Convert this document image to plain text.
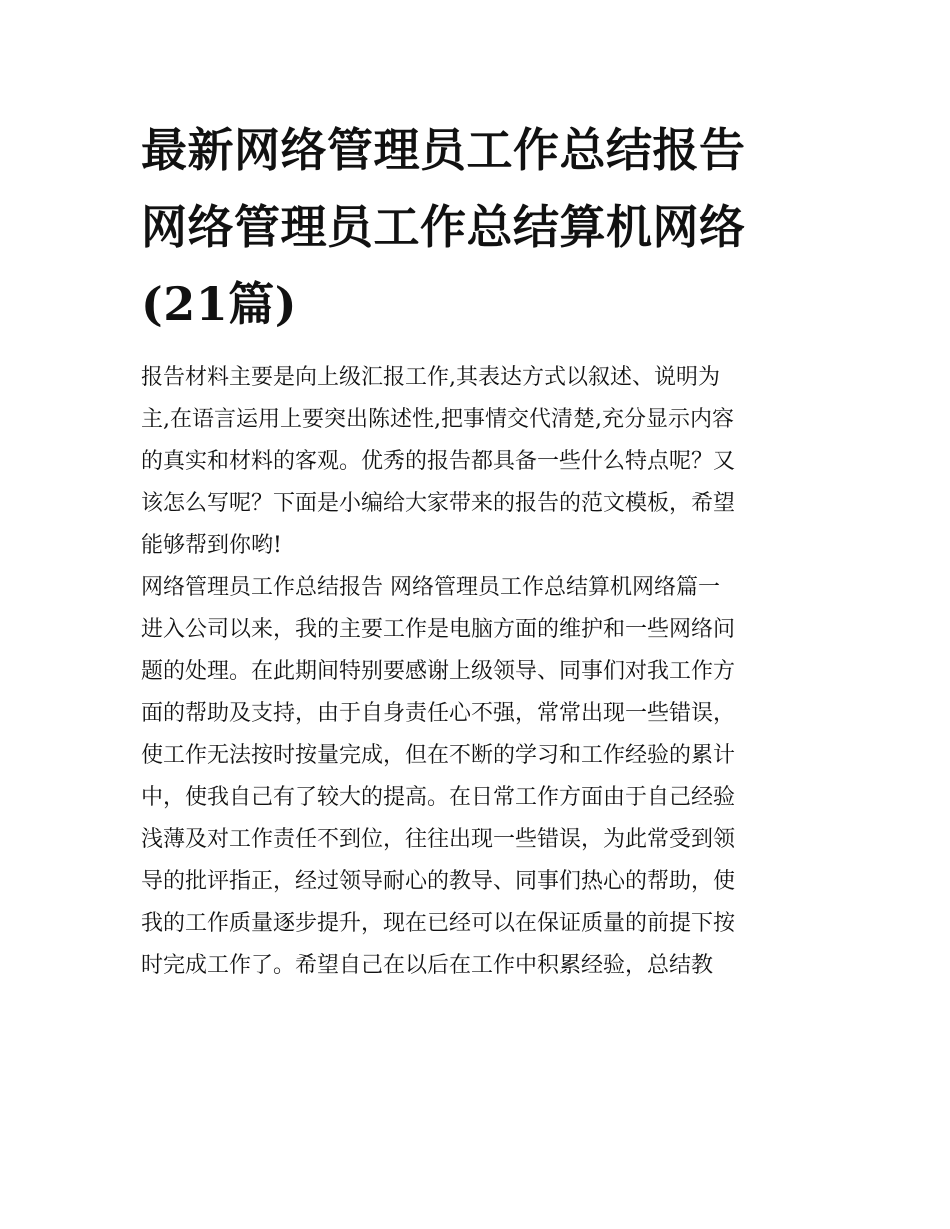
最新网络管理员工作总结报告
网络管理员工作总结算机网络
(21篇)
报告材料主要是向上级汇报工作,其表达方式以叙述、说明为
主,在语言运用上要突出陈述性,把事情交代清楚,充分显示内容
的真实和材料的客观。优秀的报告都具备一些什么特点呢？又
该怎么写呢？下面是小编给大家带来的报告的范文模板，希望
能够帮到你哟!
网络管理员工作总结报告 网络管理员工作总结算机网络篇一
进入公司以来，我的主要工作是电脑方面的维护和一些网络问
题的处理。在此期间特别要感谢上级领导、同事们对我工作方
面的帮助及支持，由于自身责任心不强，常常出现一些错误，
使工作无法按时按量完成，但在不断的学习和工作经验的累计
中，使我自己有了较大的提高。在日常工作方面由于自己经验
浅薄及对工作责任不到位，往往出现一些错误，为此常受到领
导的批评指正，经过领导耐心的教导、同事们热心的帮助，使
我的工作质量逐步提升，现在已经可以在保证质量的前提下按
时完成工作了。希望自己在以后在工作中积累经验，总结教
